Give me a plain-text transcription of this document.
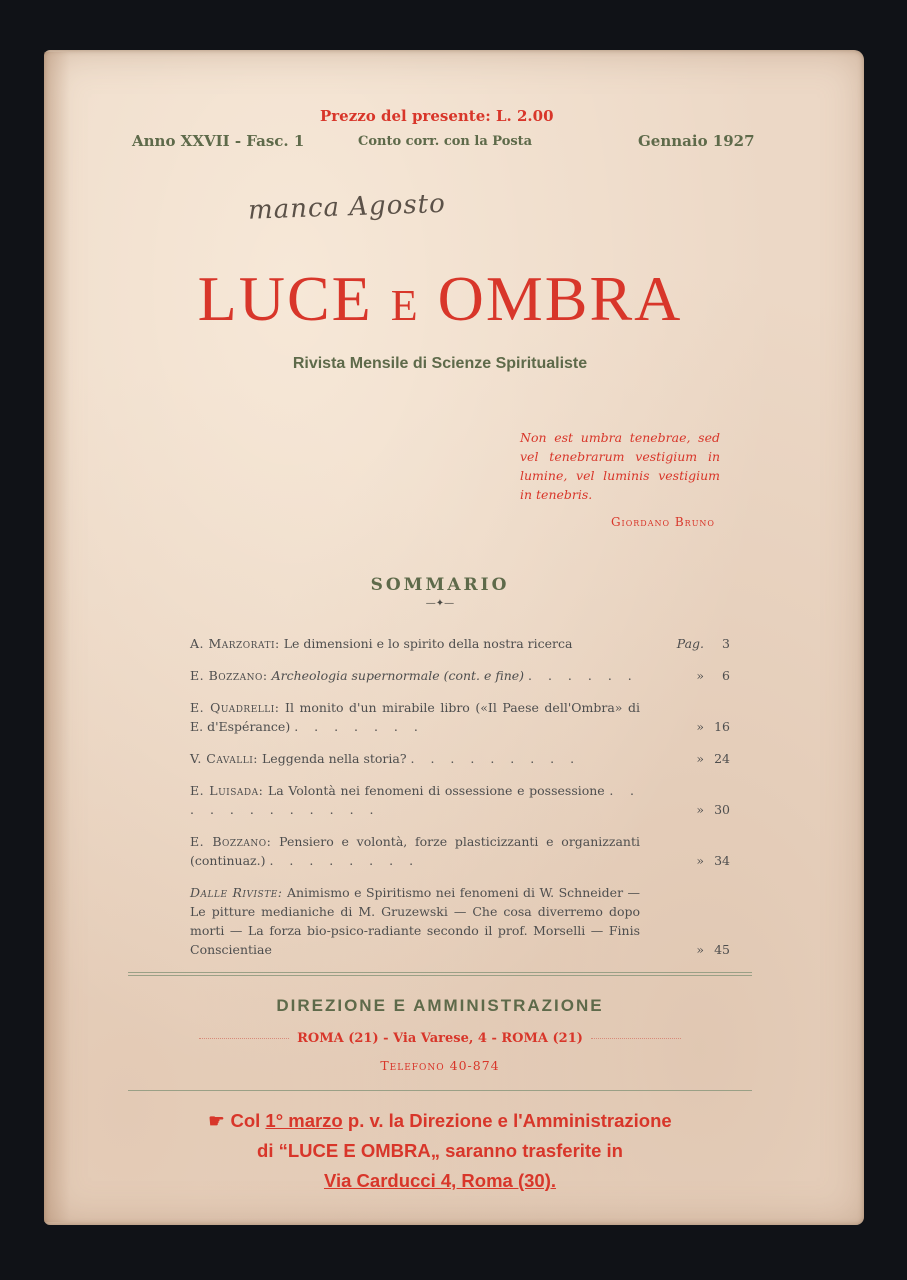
Prezzo del presente: L. 2.00
Anno XXVII - Fasc. 1	Conto corr. con la Posta	Gennaio 1927
manca Agosto
LUCE E OMBRA
Rivista Mensile di Scienze Spiritualiste
Non est umbra tenebrae, sed vel tenebrarum vestigium in lumine, vel luminis vestigium in tenebris.
Giordano Bruno
SOMMARIO
—✦—
A. Marzorati: Le dimensioni e lo spirito della nostra ricerca	Pag. 3
E. Bozzano: Archeologia supernormale (cont. e fine) . . . . . .	» 6
E. Quadrelli: Il monito d'un mirabile libro («Il Paese dell'Ombra» di E. d'Espérance) . . . . . . .	» 16
V. Cavalli: Leggenda nella storia? . . . . . . . . .	» 24
E. Luisada: La Volontà nei fenomeni di ossessione e possessione . . . . . . . . . . . .	» 30
E. Bozzano: Pensiero e volontà, forze plasticizzanti e organizzanti (continuaz.) . . . . . . . .	» 34
Dalle Riviste: Animismo e Spiritismo nei fenomeni di W. Schneider — Le pitture medianiche di M. Gruzewski — Che cosa diverremo dopo morti — La forza bio-psico-radiante secondo il prof. Morselli — Finis Conscientiae	» 45
DIREZIONE E AMMINISTRAZIONE
ROMA (21) - Via Varese, 4 - ROMA (21)
Telefono 40-874
☛ Col 1° marzo p. v. la Direzione e l'Amministrazione
di “LUCE E OMBRA„ saranno trasferite in
Via Carducci 4, Roma (30).
